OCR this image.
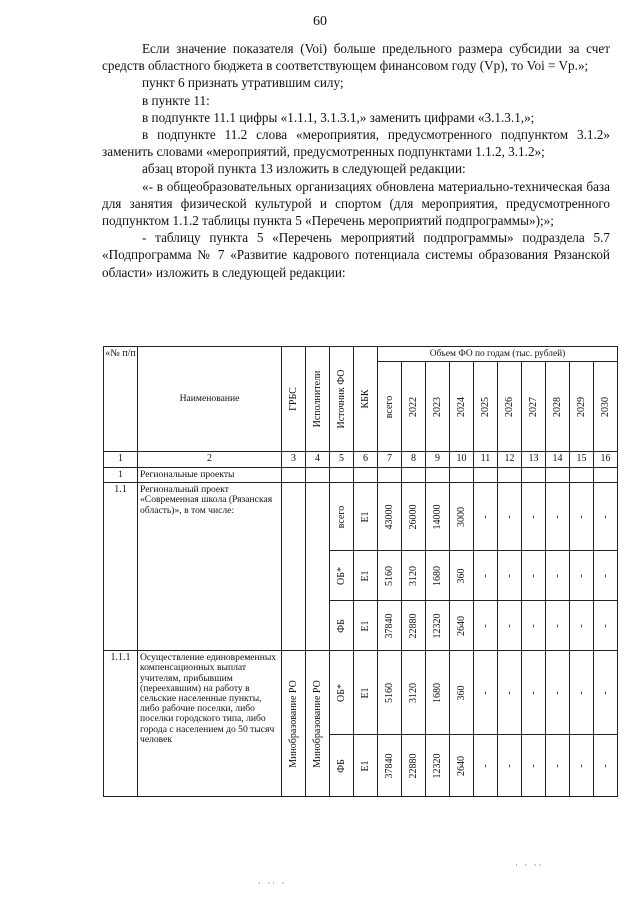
60

Если значение показателя (Voi) больше предельного размера субсидии за счет средств областного бюджета в соответствующем финансовом году (Vp), то Voi = Vp.»;

пункт 6 признать утратившим силу;

в пункте 11:

в подпункте 11.1 цифры «1.1.1, 3.1.3.1,» заменить цифрами «3.1.3.1,»;

в подпункте 11.2 слова «мероприятия, предусмотренного подпунктом 3.1.2» заменить словами «мероприятий, предусмотренных подпунктами 1.1.2, 3.1.2»;

абзац второй пункта 13 изложить в следующей редакции:

«- в общеобразовательных организациях обновлена материально-техническая база для занятия физической культурой и спортом (для мероприятия, предусмотренного подпунктом 1.1.2 таблицы пункта 5 «Перечень мероприятий подпрограммы»);»;

- таблицу пункта 5 «Перечень мероприятий подпрограммы» подраздела 5.7 «Подпрограмма № 7 «Развитие кадрового потенциала системы образования Рязанской области» изложить в следующей редакции:

«№ п/п	Наименование	ГРБС	Исполнители	Источник ФО	КБК	Объем ФО по годам (тыс. рублей)									

						всего	2022	2023	2024	2025	2026	2027	2028	2029	2030

1	2	3	4	5	6	7	8	9	10	11	12	13	14	15	16
1	Региональные проекты														
1.1	Региональный проект «Современная школа (Рязанская область)», в том числе:			всего	E1	43000	26000	14000	3000	-	-	-	-	-	-

				ОБ*	E1	5160	3120	1680	360	-	-	-	-	-	-

				ФБ	E1	37840	22880	12320	2640	-	-	-	-	-	-

1.1.1	Осуществление единовременных компенсационных выплат учителям, прибывшим (переехавшим) на работу в сельские населенные пункты, либо рабочие поселки, либо поселки городского типа, либо города с населением до 50 тысяч человек	Минобразование РО	Минобразование РО	ОБ*	E1	5160	3120	1680	360	-	-	-	-	-	-

				ФБ	E1	37840	22880	12320	2640	-	-	-	-	-	-
· ·· ·
· · ··
